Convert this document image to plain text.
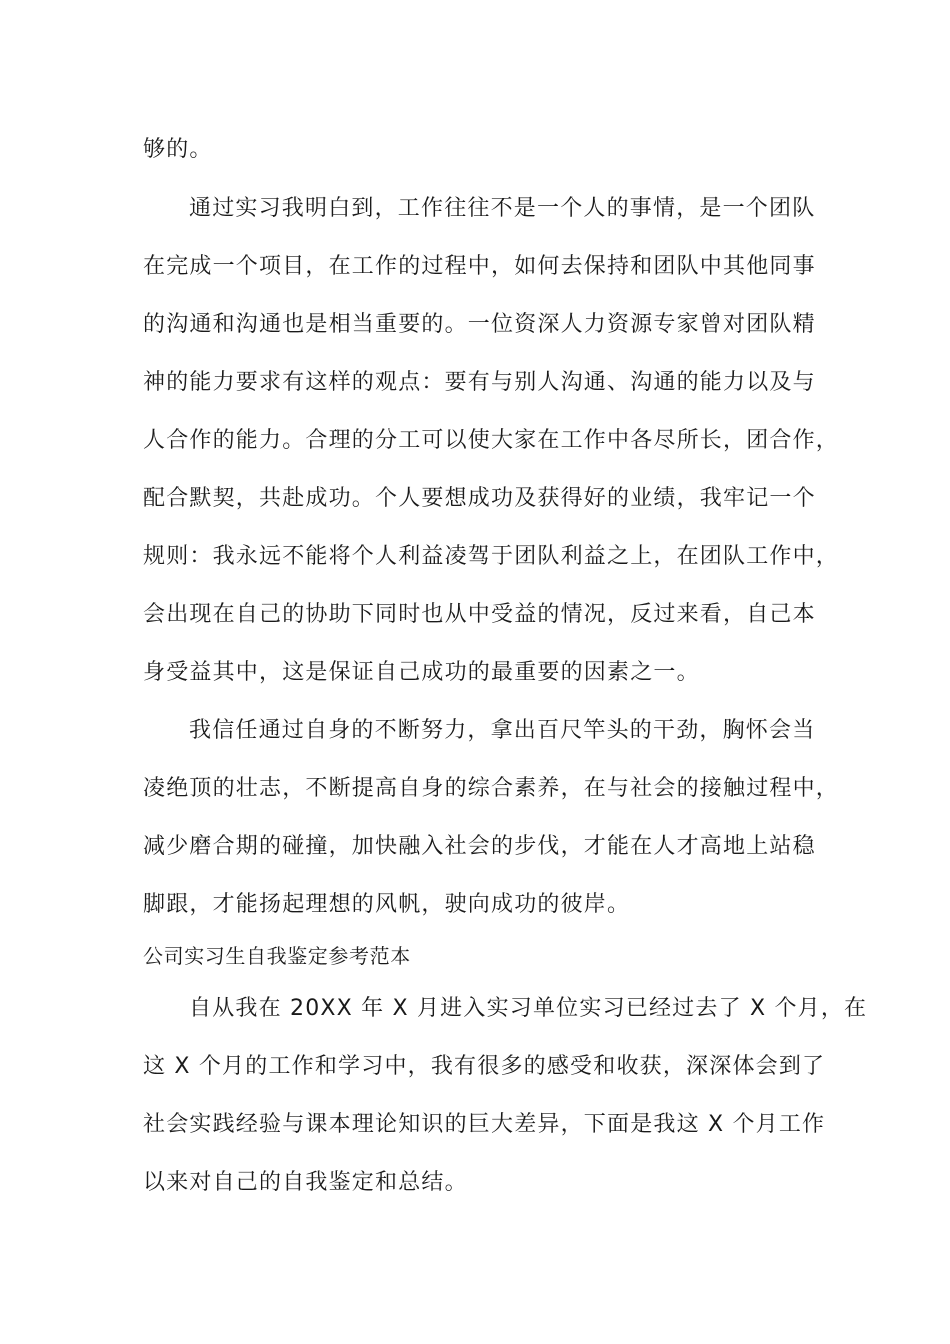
够的。
通过实习我明白到，工作往往不是一个人的事情，是一个团队
在完成一个项目，在工作的过程中，如何去保持和团队中其他同事
的沟通和沟通也是相当重要的。一位资深人力资源专家曾对团队精
神的能力要求有这样的观点：要有与别人沟通、沟通的能力以及与
人合作的能力。合理的分工可以使大家在工作中各尽所长，团合作，
配合默契，共赴成功。个人要想成功及获得好的业绩，我牢记一个
规则：我永远不能将个人利益凌驾于团队利益之上，在团队工作中，
会出现在自己的协助下同时也从中受益的情况，反过来看，自己本
身受益其中，这是保证自己成功的最重要的因素之一。
我信任通过自身的不断努力，拿出百尺竿头的干劲，胸怀会当
凌绝顶的壮志，不断提高自身的综合素养，在与社会的接触过程中，
减少磨合期的碰撞，加快融入社会的步伐，才能在人才高地上站稳
脚跟，才能扬起理想的风帆，驶向成功的彼岸。
公司实习生自我鉴定参考范本
自从我在 20XX 年 X 月进入实习单位实习已经过去了 X 个月，在
这 X 个月的工作和学习中，我有很多的感受和收获，深深体会到了
社会实践经验与课本理论知识的巨大差异，下面是我这 X 个月工作
以来对自己的自我鉴定和总结。
